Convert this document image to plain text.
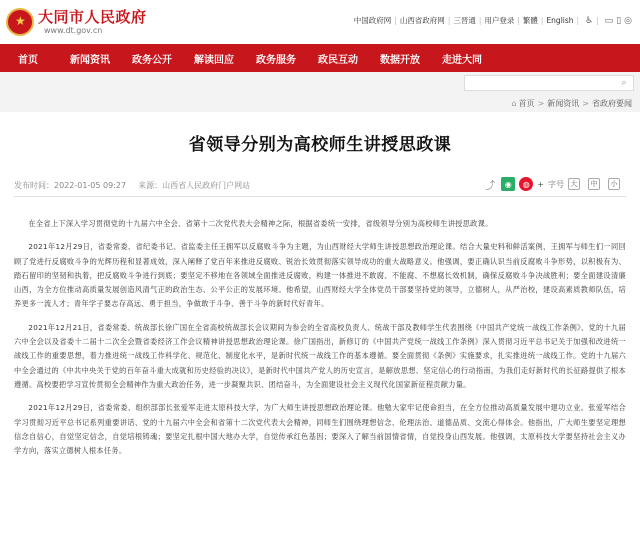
★
大同市人民政府
www.dt.gov.cn
中国政府网 | 山西省政府网 | 三晋通 | 用户登录 | 繁體 | English | ♿ | ▭ ▯ ◎
首页	新闻资讯 政务公开 解读回应 政务服务 政民互动 数据开放 走进大同
⌕
⌂ 首页 > 新闻资讯 > 省政府要闻
省领导分别为高校师生讲授思政课
发布时间：2022-01-05 09:27 来源：山西省人民政府门户网站	⤴	◉	◍ + 字号 大	中	小

在全省上下深入学习贯彻党的十九届六中全会、省第十二次党代表大会精神之际，根据省委统一安排，省级领导分别为高校师生讲授思政课。

2021年12月29日，省委常委、省纪委书记、省监委主任王拥军以反腐败斗争为主题，为山西财经大学师生讲授思想政治理论课。结合大量史料和鲜活案例，王拥军与师生们一同回顾了党进行反腐败斗争的光辉历程和显著成效，深入阐释了党百年来推进反腐败、锐治长效贯彻落实领导成功的重大战略意义。他强调，要正确认识当前反腐败斗争形势，以积极有为、踏石留印的坚韧和执着，把反腐败斗争进行到底；要坚定不移地在各领域全面推进反腐败，构建一体推进不敢腐、不能腐、不想腐长效机制，确保反腐败斗争决战胜利；要全面建设清廉山西，为全方位推动高质量发展创造风清气正的政治生态、公平公正的发展环境。他希望，山西财经大学全体党员干部要坚持党的领导，立德树人，从严治校，建设高素质教师队伍，培养更多一流人才；青年学子要志存高远、勇于担当，争做敢于斗争、善于斗争的新时代好青年。

2021年12月21日，省委常委、统战部长徐广国在全省高校统战部长会议期间为参会的全省高校负责人、统战干部及教师学生代表围绕《中国共产党统一战线工作条例》、党的十九届六中全会以及省委十二届十二次全会暨省委经济工作会议精神讲授思想政治理论课。徐广国指出，新修订的《中国共产党统一战线工作条例》深入贯彻习近平总书记关于加强和改进统一战线工作的重要思想，着力推进统一战线工作科学化、规范化、制度化水平，是新时代统一战线工作的基本遵循。要全面贯彻《条例》实施要求，扎实推进统一战线工作。党的十九届六中全会通过的《中共中央关于党的百年奋斗重大成就和历史经验的决议》，是新时代中国共产党人的历史宣言，是解放思想、坚定信心的行动指南，为我们走好新时代的长征路提供了根本遵循。高校要把学习宣传贯彻全会精神作为重大政治任务，进一步凝聚共识、团结奋斗，为全面建设社会主义现代化国家新征程贡献力量。

2021年12月29日，省委常委、组织部部长张爱军走进太原科技大学，为广大师生讲授思想政治理论课。他勉大家牢记使命担当，在全方位推动高质量发展中建功立业。张爱军结合学习贯彻习近平总书记系列重要讲话、党的十九届六中全会和省第十二次党代表大会精神，同师生们围绕理想信念、伦理法治、道德品质、交流心得体会。他指出，广大师生要坚定理想信念自信心，自觉坚定信念，自觉培根铸魂；要坚定扎根中国大地办大学，自觉传承红色基因；要深入了解当前国情省情，自觉投身山西发展。他强调，太原科技大学要坚持社会主义办学方向，落实立德树人根本任务。
